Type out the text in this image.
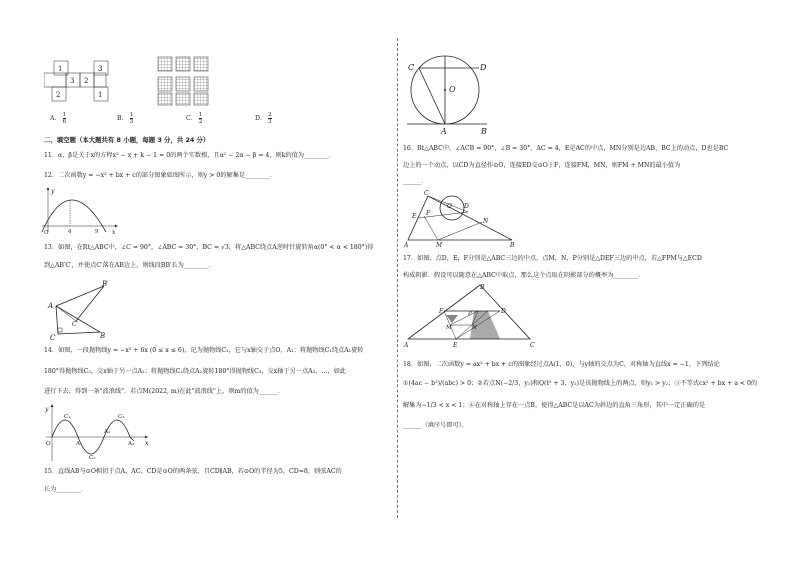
1
3
3
2
2
1
A． $\frac{1}{6}$	B． $\frac{1}{3}$	C． $\frac{1}{2}$	D． $\frac{2}{3}$
二、填空题（本大题共有 8 小题，每题 3 分，共 24 分）
11．α，β是关于x的方程x² − x + k − 1 = 0的两个实数根，且α² − 2α − β = 4，则k的值为________．
12．二次函数y = −x² + bx + c的部分图象如图所示，则y > 0的解集是________．
y
x
O	4	9
13．如图，在Rt△ABC中，∠C = 90°，∠ABC = 30°，BC = √3，将△ABC绕点A逆时针旋转角α(0° < α < 180°)得
到△AB′C′，并使点C′落在AB边上，则线段BB′长为________．
A
B′
C′
C	B
14．如图，一段抛物线y = −x² + 6x (0 ≤ x ≤ 6)，记为抛物线C₁，它与x轴交于点O，A₁；将抛物线C₁绕点A₁旋转
180°得抛物线C₂，交x轴于另一点A₂；将抛物线C₂绕点A₂旋转180°得抛物线C₃，交x轴于另一点A₃，…，如此
进行下去，得到一条"波浪线"．若点M(2022, m)在此"波浪线"上，则m的值为______．
y
x
O
C₁
C₂
C₃
A₁
A₂
A₃
15．直线AB与⊙O相切于点A，AC、CD是⊙O的两条弦，且CD∥AB，若⊙O的半径为5，CD=8，则弦AC的
长为________．
C	D
O
A	B
16．Rt△ABC中，∠ACB = 90°，∠B = 30°，AC = 4，E是AC的中点，MN分别是边AB、BC上的动点，D也是BC
边上的一个动点，以CD为直径作⊙O，连接ED交⊙O于F，连接FM，MN，则FM + MN的最小值为
______．
C
O D
E F
N
A	M	B
17．如图，点D，E，F分别是△ABC三边的中点，点M，N，P分别是△DEF三边的中点，若△FPM与△ECD
构成阴影．假设可以随意在△ABC中取点，那么这个点取在阴影部分的概率为________．
B
F	D
P
M	N
A	E	C
18．如图，二次函数y = ax² + bx + c的图象经过点A(1，0)，与y轴的交点为C，对称轴为直线x = −1，下列结论
①(4ac − b²)/(abc) > 0；②若点N(−2/3，y₁)和Q(t² + 3，y₂)是该抛物线上的两点，则y₁ > y₂；③不等式cx² + bx + a < 0的
解集为−1/3 < x < 1；④在对称轴上存在一点B，使得△ABC是以AC为斜边的直角三角形，其中一定正确的是
______（填序号即可）．
